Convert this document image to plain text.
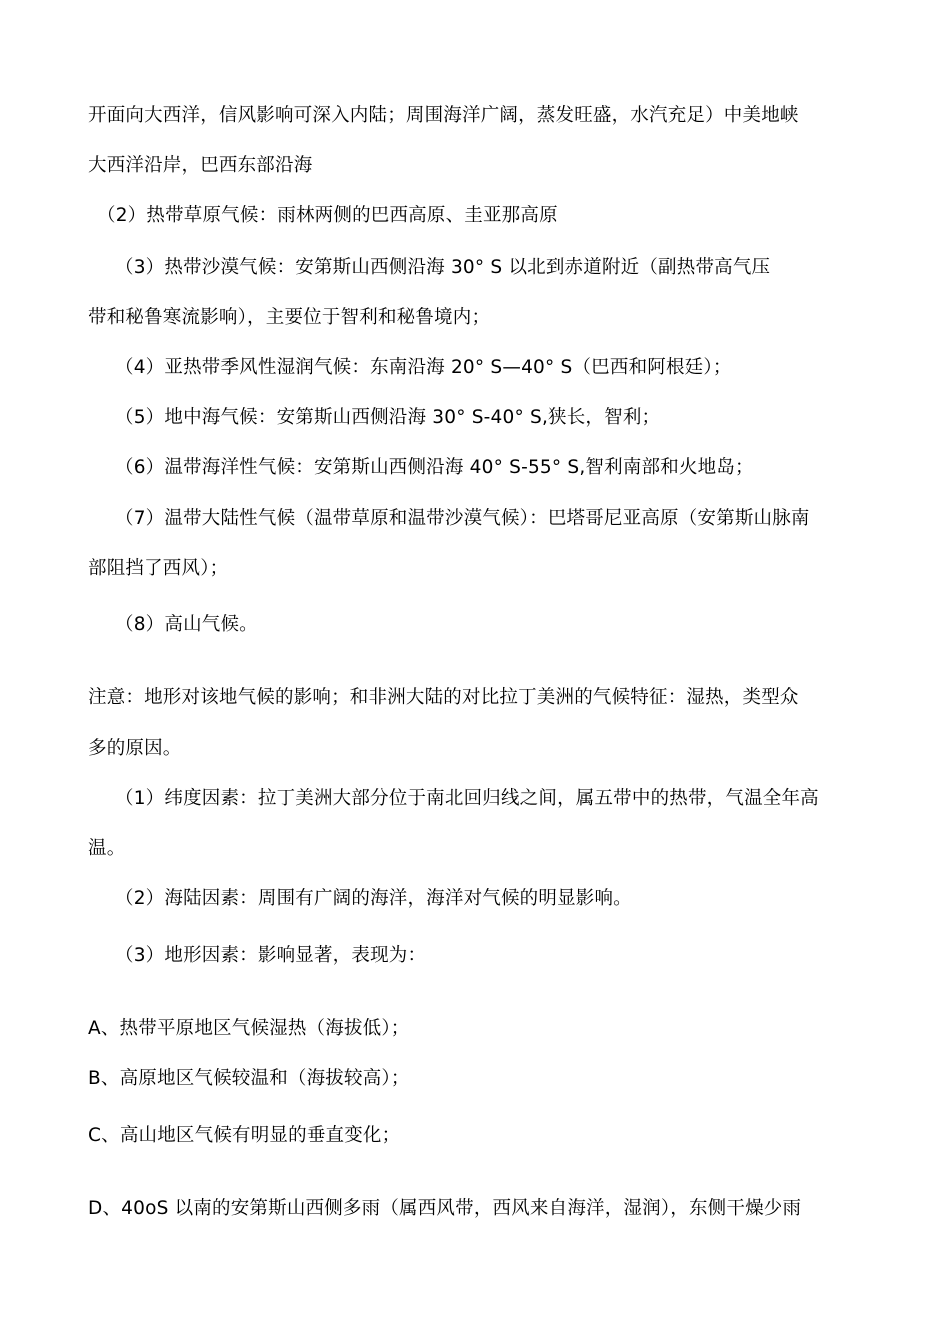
开面向大西洋，信风影响可深入内陆；周围海洋广阔，蒸发旺盛，水汽充足）中美地峡
大西洋沿岸，巴西东部沿海
（2）热带草原气候：雨林两侧的巴西高原、圭亚那高原
（3）热带沙漠气候：安第斯山西侧沿海 30° S 以北到赤道附近（副热带高气压
带和秘鲁寒流影响），主要位于智利和秘鲁境内；
（4）亚热带季风性湿润气候：东南沿海 20° S—40° S（巴西和阿根廷）；
（5）地中海气候：安第斯山西侧沿海 30° S-40° S,狭长，智利；
（6）温带海洋性气候：安第斯山西侧沿海 40° S-55° S,智利南部和火地岛；
（7）温带大陆性气候（温带草原和温带沙漠气候）：巴塔哥尼亚高原（安第斯山脉南
部阻挡了西风）；
（8）高山气候。
注意：地形对该地气候的影响；和非洲大陆的对比拉丁美洲的气候特征：湿热，类型众
多的原因。
（1）纬度因素：拉丁美洲大部分位于南北回归线之间，属五带中的热带，气温全年高
温。
（2）海陆因素：周围有广阔的海洋，海洋对气候的明显影响。
（3）地形因素：影响显著，表现为：
A、热带平原地区气候湿热（海拔低）；
B、高原地区气候较温和（海拔较高）；
C、高山地区气候有明显的垂直变化；
D、40oS 以南的安第斯山西侧多雨（属西风带，西风来自海洋，湿润），东侧干燥少雨
